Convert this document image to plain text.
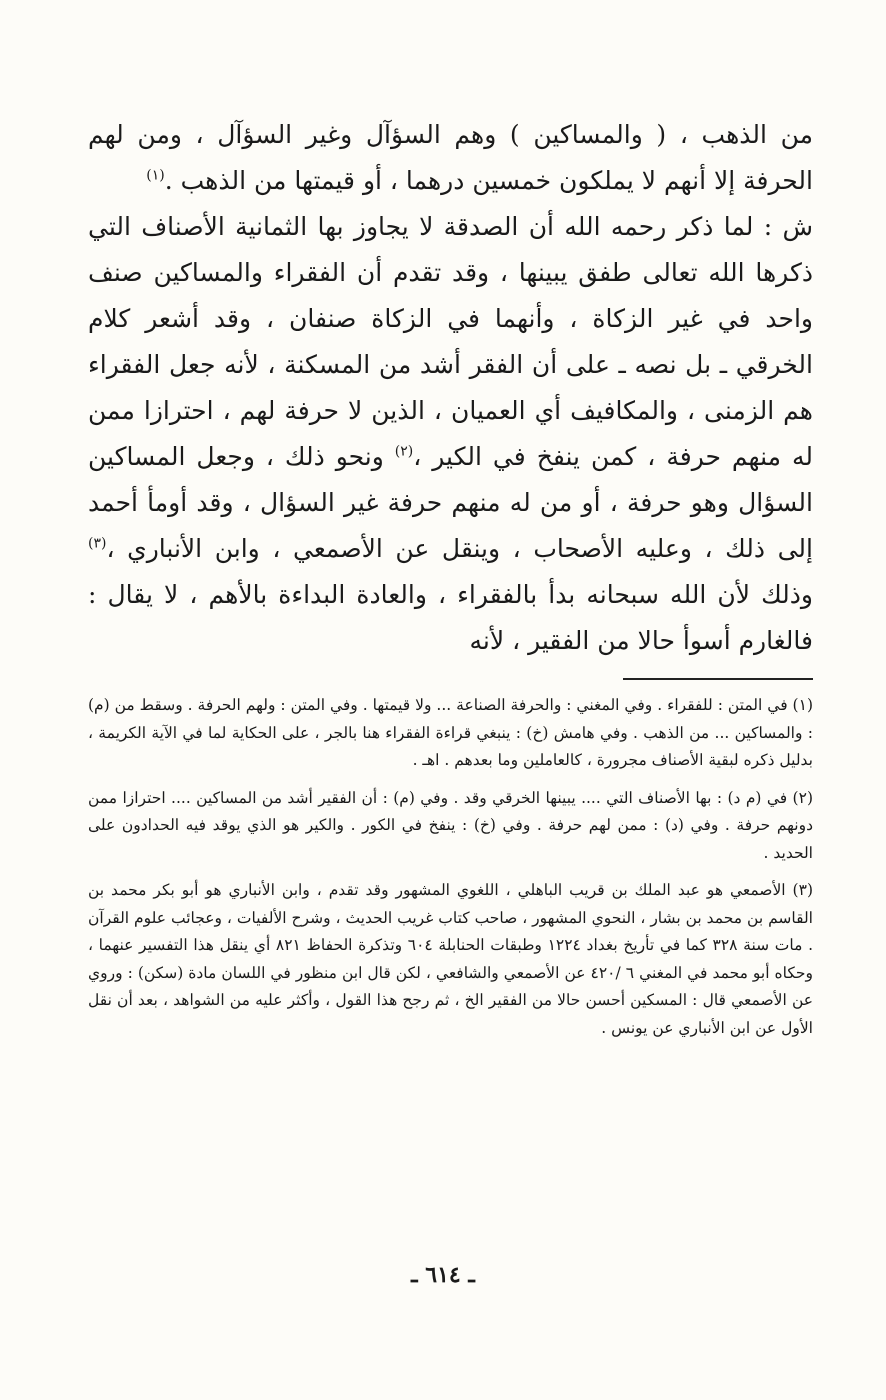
من الذهب ، ( والمساكين ) وهم السؤآل وغير السؤآل ، ومن لهم الحرفة إلا أنهم لا يملكون خمسين درهما ، أو قيمتها من الذهب .$^{(١)}$

ش : لما ذكر رحمه الله أن الصدقة لا يجاوز بها الثمانية الأصناف التي ذكرها الله تعالى طفق يبينها ، وقد تقدم أن الفقراء والمساكين صنف واحد في غير الزكاة ، وأنهما في الزكاة صنفان ، وقد أشعر كلام الخرقي ـ بل نصه ـ على أن الفقر أشد من المسكنة ، لأنه جعل الفقراء هم الزمنى ، والمكافيف أي العميان ، الذين لا حرفة لهم ، احترازا ممن له منهم حرفة ، كمن ينفخ في الكير ،$^{(٢)}$ ونحو ذلك ، وجعل المساكين السؤال وهو حرفة ، أو من له منهم حرفة غير السؤال ، وقد أومأ أحمد إلى ذلك ، وعليه الأصحاب ، وينقل عن الأصمعي ، وابن الأنباري ،$^{(٣)}$ وذلك لأن الله سبحانه بدأ بالفقراء ، والعادة البداءة بالأهم ، لا يقال : فالغارم أسوأ حالا من الفقير ، لأنه

(١) في المتن : للفقراء . وفي المغني : والحرفة الصناعة ... ولا قيمتها . وفي المتن : ولهم الحرفة . وسقط من (م) : والمساكين ... من الذهب . وفي هامش (خ) : ينبغي قراءة الفقراء هنا بالجر ، على الحكاية لما في الآية الكريمة ، بدليل ذكره لبقية الأصناف مجرورة ، كالعاملين وما بعدهم . اهـ .

(٢) في (م د) : بها الأصناف التي .... يبينها الخرقي وقد . وفي (م) : أن الفقير أشد من المساكين .... احترازا ممن دونهم حرفة . وفي (د) : ممن لهم حرفة . وفي (خ) : ينفخ في الكور . والكير هو الذي يوقد فيه الحدادون على الحديد .

(٣) الأصمعي هو عبد الملك بن قريب الباهلي ، اللغوي المشهور وقد تقدم ، وابن الأنباري هو أبو بكر محمد بن القاسم بن محمد بن بشار ، النحوي المشهور ، صاحب كتاب غريب الحديث ، وشرح الألفيات ، وعجائب علوم القرآن . مات سنة ٣٢٨ كما في تأريخ بغداد ١٢٢٤ وطبقات الحنابلة ٦٠٤ وتذكرة الحفاظ ٨٢١ أي ينقل هذا التفسير عنهما ، وحكاه أبو محمد في المغني ٦ /٤٢٠ عن الأصمعي والشافعي ، لكن قال ابن منظور في اللسان مادة (سكن) : وروي عن الأصمعي قال : المسكين أحسن حالا من الفقير الخ ، ثم رجح هذا القول ، وأكثر عليه من الشواهد ، بعد أن نقل الأول عن ابن الأنباري عن يونس .

ـ ٦١٤ ـ
